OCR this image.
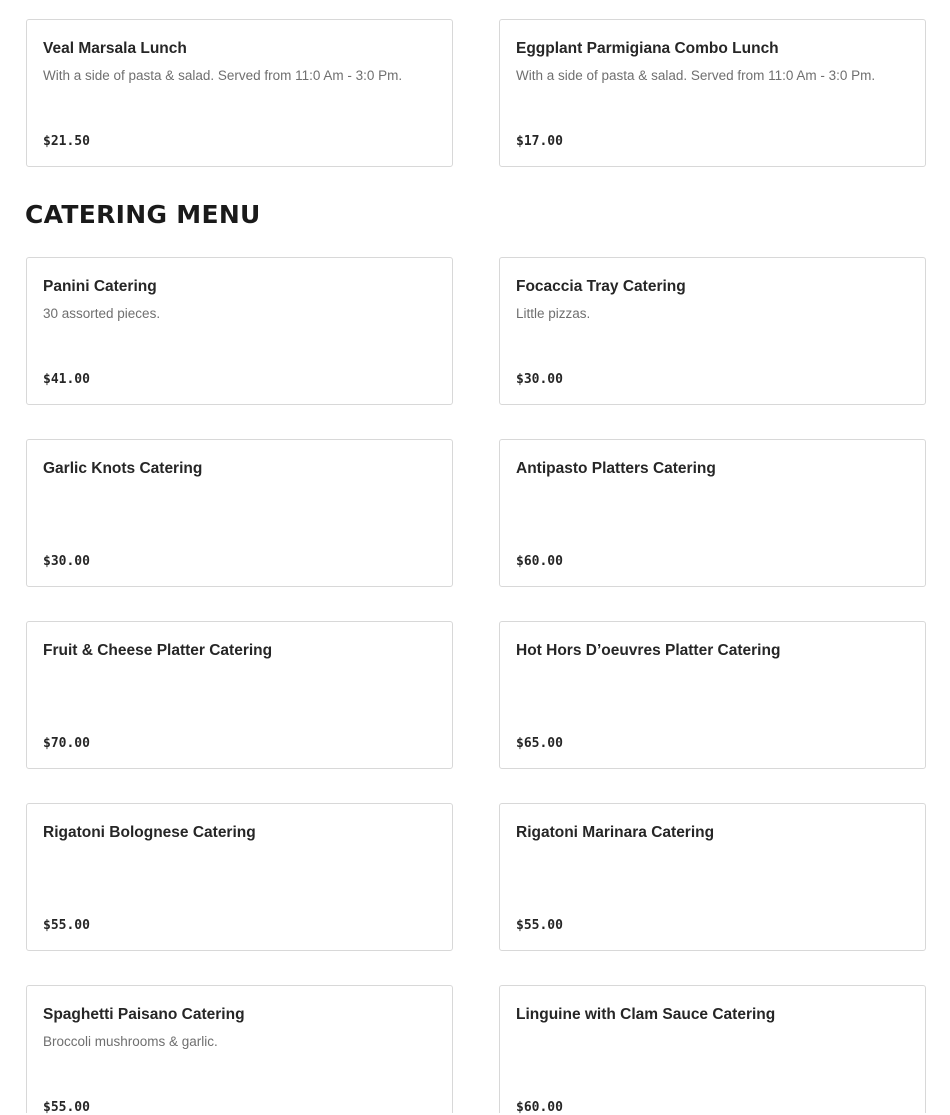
Veal Marsala Lunch
With a side of pasta & salad. Served from 11:0 Am - 3:0 Pm.
$21.50
Eggplant Parmigiana Combo Lunch
With a side of pasta & salad. Served from 11:0 Am - 3:0 Pm.
$17.00
CATERING MENU
Panini Catering
30 assorted pieces.
$41.00
Focaccia Tray Catering
Little pizzas.
$30.00
Garlic Knots Catering
$30.00
Antipasto Platters Catering
$60.00
Fruit & Cheese Platter Catering
$70.00
Hot Hors D’oeuvres Platter Catering
$65.00
Rigatoni Bolognese Catering
$55.00
Rigatoni Marinara Catering
$55.00
Spaghetti Paisano Catering
Broccoli mushrooms & garlic.
$55.00
Linguine with Clam Sauce Catering
$60.00
